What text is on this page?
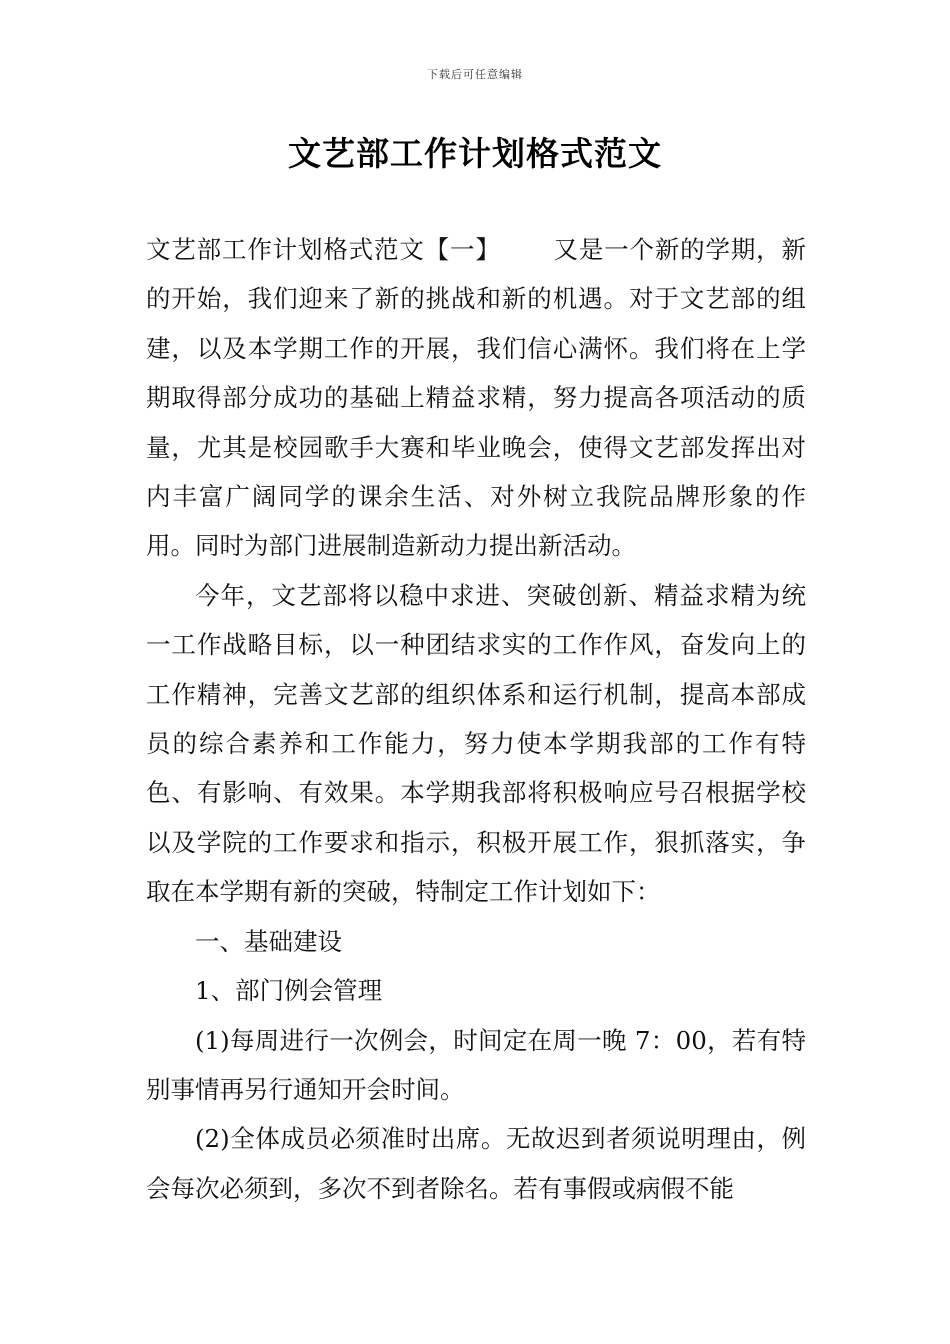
下载后可任意编辑
文艺部工作计划格式范文

文艺部工作计划格式范文【一】 又是一个新的学期，新的开始，我们迎来了新的挑战和新的机遇。对于文艺部的组建，以及本学期工作的开展，我们信心满怀。我们将在上学期取得部分成功的基础上精益求精，努力提高各项活动的质量，尤其是校园歌手大赛和毕业晚会，使得文艺部发挥出对内丰富广阔同学的课余生活、对外树立我院品牌形象的作用。同时为部门进展制造新动力提出新活动。

今年，文艺部将以稳中求进、突破创新、精益求精为统一工作战略目标，以一种团结求实的工作作风，奋发向上的工作精神，完善文艺部的组织体系和运行机制，提高本部成员的综合素养和工作能力，努力使本学期我部的工作有特色、有影响、有效果。本学期我部将积极响应号召根据学校以及学院的工作要求和指示，积极开展工作，狠抓落实，争取在本学期有新的突破，特制定工作计划如下：

一、基础建设

1、部门例会管理

(1)每周进行一次例会，时间定在周一晚 7：00，若有特别事情再另行通知开会时间。

(2)全体成员必须准时出席。无故迟到者须说明理由，例会每次必须到，多次不到者除名。若有事假或病假不能
